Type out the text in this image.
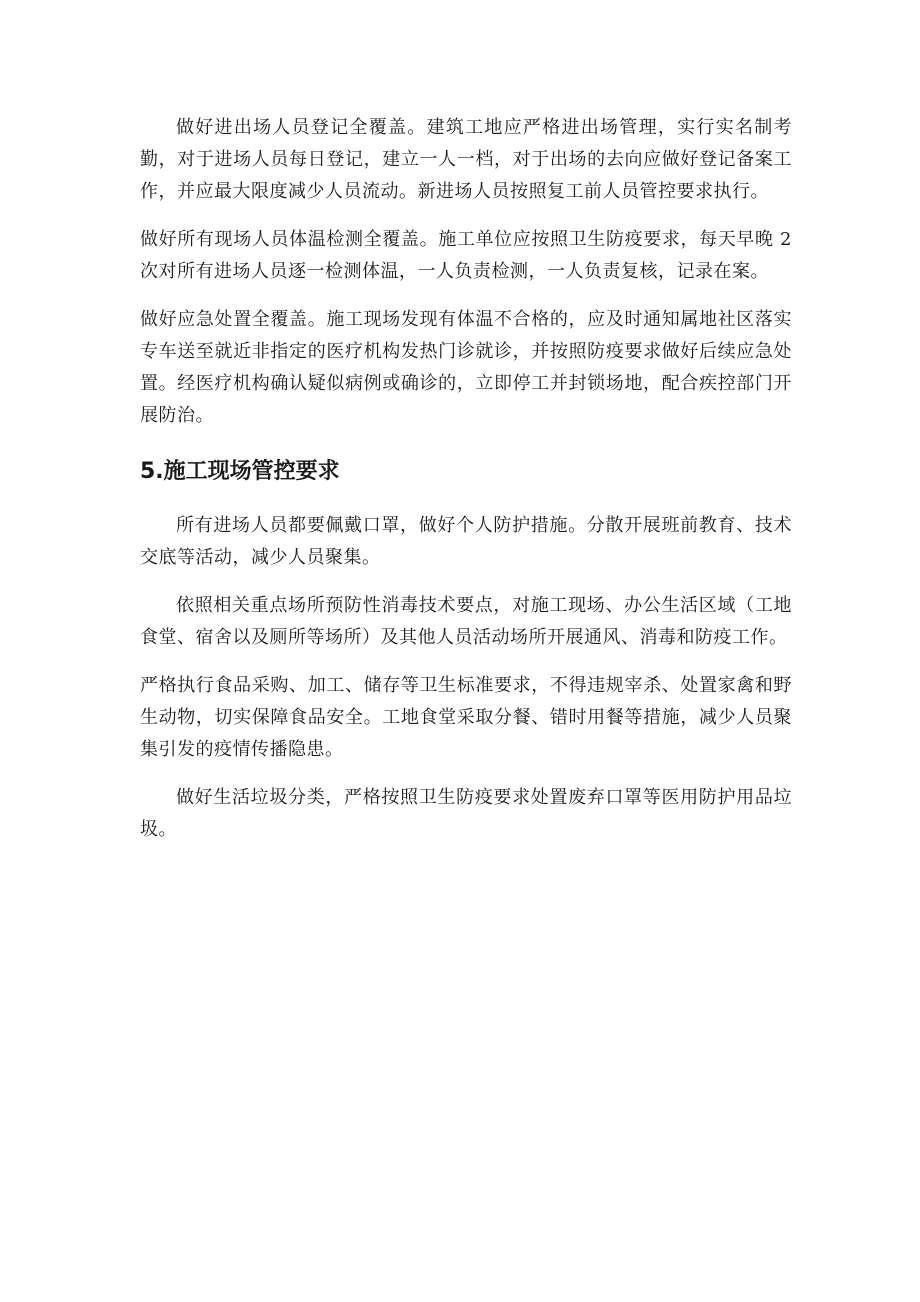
做好进出场人员登记全覆盖。建筑工地应严格进出场管理，实行实名制考勤，对于进场人员每日登记，建立一人一档，对于出场的去向应做好登记备案工作，并应最大限度减少人员流动。新进场人员按照复工前人员管控要求执行。

做好所有现场人员体温检测全覆盖。施工单位应按照卫生防疫要求，每天早晚 2 次对所有进场人员逐一检测体温，一人负责检测，一人负责复核，记录在案。

做好应急处置全覆盖。施工现场发现有体温不合格的，应及时通知属地社区落实专车送至就近非指定的医疗机构发热门诊就诊，并按照防疫要求做好后续应急处置。经医疗机构确认疑似病例或确诊的，立即停工并封锁场地，配合疾控部门开展防治。

5.施工现场管控要求

所有进场人员都要佩戴口罩，做好个人防护措施。分散开展班前教育、技术交底等活动，减少人员聚集。

依照相关重点场所预防性消毒技术要点，对施工现场、办公生活区域（工地食堂、宿舍以及厕所等场所）及其他人员活动场所开展通风、消毒和防疫工作。

严格执行食品采购、加工、储存等卫生标准要求，不得违规宰杀、处置家禽和野生动物，切实保障食品安全。工地食堂采取分餐、错时用餐等措施，减少人员聚集引发的疫情传播隐患。

做好生活垃圾分类，严格按照卫生防疫要求处置废弃口罩等医用防护用品垃圾。
